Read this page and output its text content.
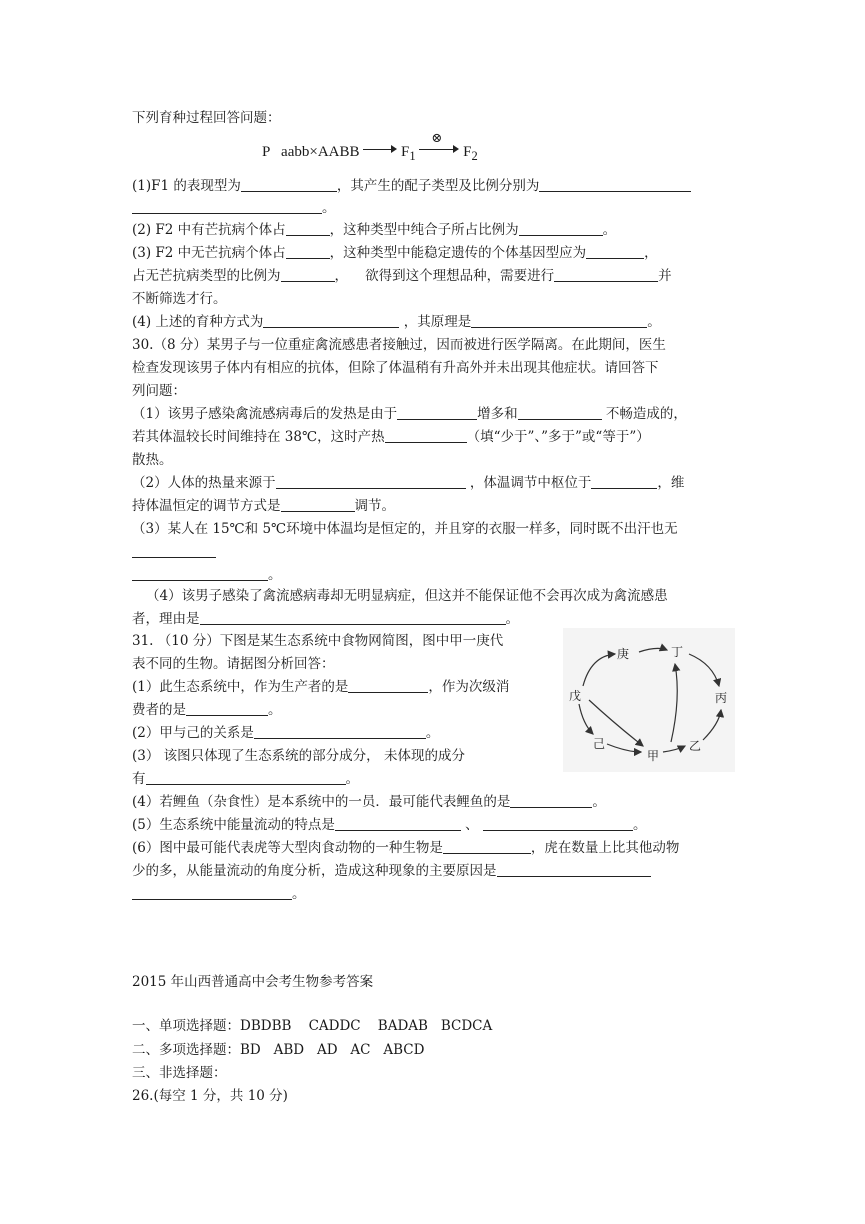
下列育种过程回答问题：
P aabb×AABB	$F_1$
⊗
$F_2$
(1)F1 的表现型为	，其产生的配子类型及比例分别为
。
(2) F2 中有芒抗病个体占	，这种类型中纯合子所占比例为	。
(3) F2 中无芒抗病个体占	，这种类型中能稳定遗传的个体基因型应为	，
占无芒抗病类型的比例为	，    欲得到这个理想品种，需要进行	并
不断筛选才行。
(4) 上述的育种方式为	，其原理是	。
30.（8 分）某男子与一位重症禽流感患者接触过，因而被进行医学隔离。在此期间，医生
检查发现该男子体内有相应的抗体，但除了体温稍有升高外并未出现其他症状。请回答下
列问题：
（1）该男子感染禽流感病毒后的发热是由于	增多和	不畅造成的，
若其体温较长时间维持在 38℃，这时产热	（填“少于”、”多于”或“等于”）
散热。
（2）人体的热量来源于	，体温调节中枢位于	，维
持体温恒定的调节方式是	调节。
（3）某人在 15℃和 5℃环境中体温均是恒定的，并且穿的衣服一样多，同时既不出汗也无
。
（4）该男子感染了禽流感病毒却无明显病症，但这并不能保证他不会再次成为禽流感患
者，理由是	。
31. （10 分）下图是某生态系统中食物网简图，图中甲一庚代
表不同的生物。请据图分析回答：
(1）此生态系统中，作为生产者的是	，作为次级消
费者的是	。
(2）甲与己的关系是	。
(3） 该图只体现了生态系统的部分成分， 未体现的成分
有	。
(4）若鲤鱼（杂食性）是本系统中的一员．最可能代表鲤鱼的是	。
(5）生态系统中能量流动的特点是	、	。
(6）图中最可能代表虎等大型肉食动物的一种生物是	，虎在数量上比其他动物
少的多，从能量流动的角度分析，造成这种现象的主要原因是
。
庚	丁
戊	丙
己
甲
乙
2015 年山西普通高中会考生物参考答案
一、单项选择题：DBDBB    CADDC    BADAB   BCDCA
二、多项选择题：BD   ABD   AD   AC   ABCD
三、非选择题：
26.(每空 1 分，共 10 分)
